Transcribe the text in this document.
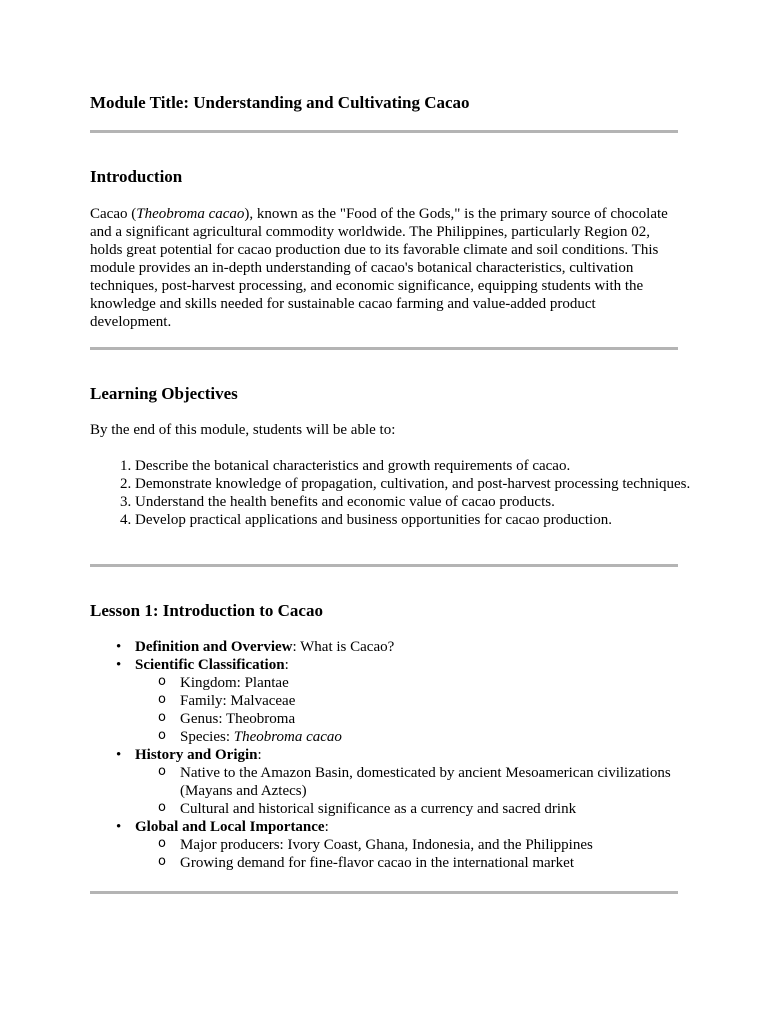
Module Title: Understanding and Cultivating Cacao
Introduction

Cacao (Theobroma cacao), known as the "Food of the Gods," is the primary source of chocolate and a significant agricultural commodity worldwide. The Philippines, particularly Region 02, holds great potential for cacao production due to its favorable climate and soil conditions. This module provides an in-depth understanding of cacao's botanical characteristics, cultivation techniques, post-harvest processing, and economic significance, equipping students with the knowledge and skills needed for sustainable cacao farming and value-added product development.

Learning Objectives

By the end of this module, students will be able to:

1. Describe the botanical characteristics and growth requirements of cacao.
2. Demonstrate knowledge of propagation, cultivation, and post-harvest processing techniques.
3. Understand the health benefits and economic value of cacao products.
4. Develop practical applications and business opportunities for cacao production.
Lesson 1: Introduction to Cacao
• Definition and Overview: What is Cacao?
• Scientific Classification:
o Kingdom: Plantae
o Family: Malvaceae
o Genus: Theobroma
o Species: Theobroma cacao
• History and Origin:
o Native to the Amazon Basin, domesticated by ancient Mesoamerican civilizations (Mayans and Aztecs)
o Cultural and historical significance as a currency and sacred drink
• Global and Local Importance:
o Major producers: Ivory Coast, Ghana, Indonesia, and the Philippines
o Growing demand for fine-flavor cacao in the international market
